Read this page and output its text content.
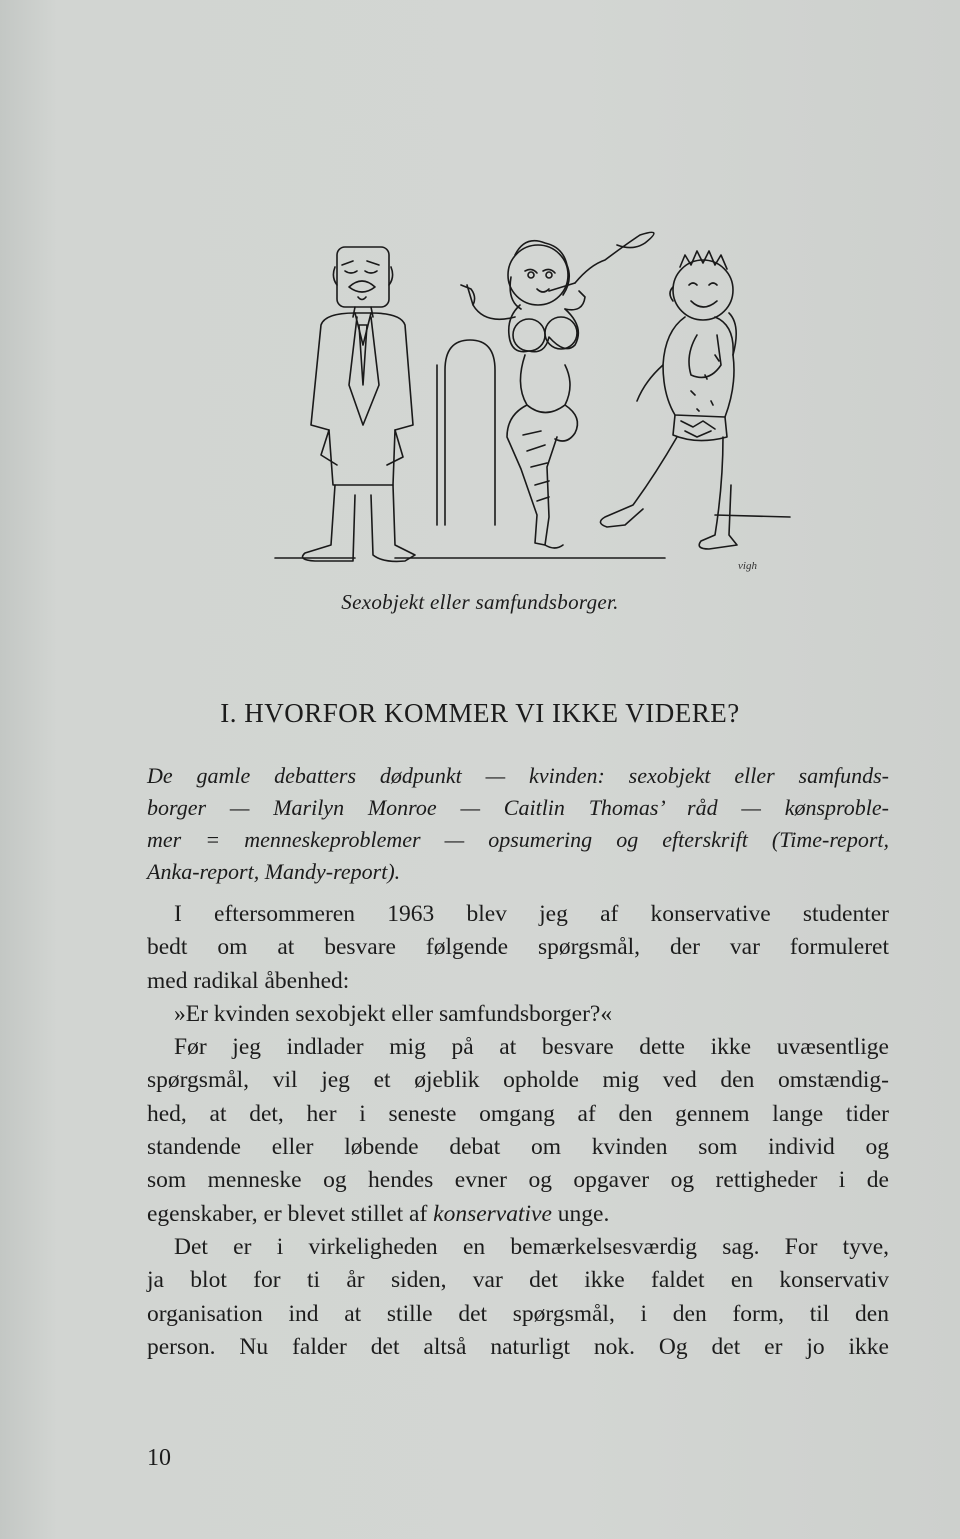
vigh
Sexobjekt eller samfundsborger.
I. HVORFOR KOMMER VI IKKE VIDERE?
De gamle debatters dødpunkt — kvinden: sexobjekt eller samfunds-
borger — Marilyn Monroe — Caitlin Thomas’ råd — kønsproble-
mer = menneskeproblemer — opsumering og efterskrift (Time-report,
Anka-report, Mandy-report).
I eftersommeren 1963 blev jeg af konservative studenter
bedt om at besvare følgende spørgsmål, der var formuleret
med radikal åbenhed:
»Er kvinden sexobjekt eller samfundsborger?«
Før jeg indlader mig på at besvare dette ikke uvæsentlige
spørgsmål, vil jeg et øjeblik opholde mig ved den omstændig-
hed, at det, her i seneste omgang af den gennem lange tider
standende eller løbende debat om kvinden som individ og
som menneske og hendes evner og opgaver og rettigheder i de
egenskaber, er blevet stillet af konservative unge.
Det er i virkeligheden en bemærkelsesværdig sag. For tyve,
ja blot for ti år siden, var det ikke faldet en konservativ
organisation ind at stille det spørgsmål, i den form, til den
person. Nu falder det altså naturligt nok. Og det er jo ikke
10
